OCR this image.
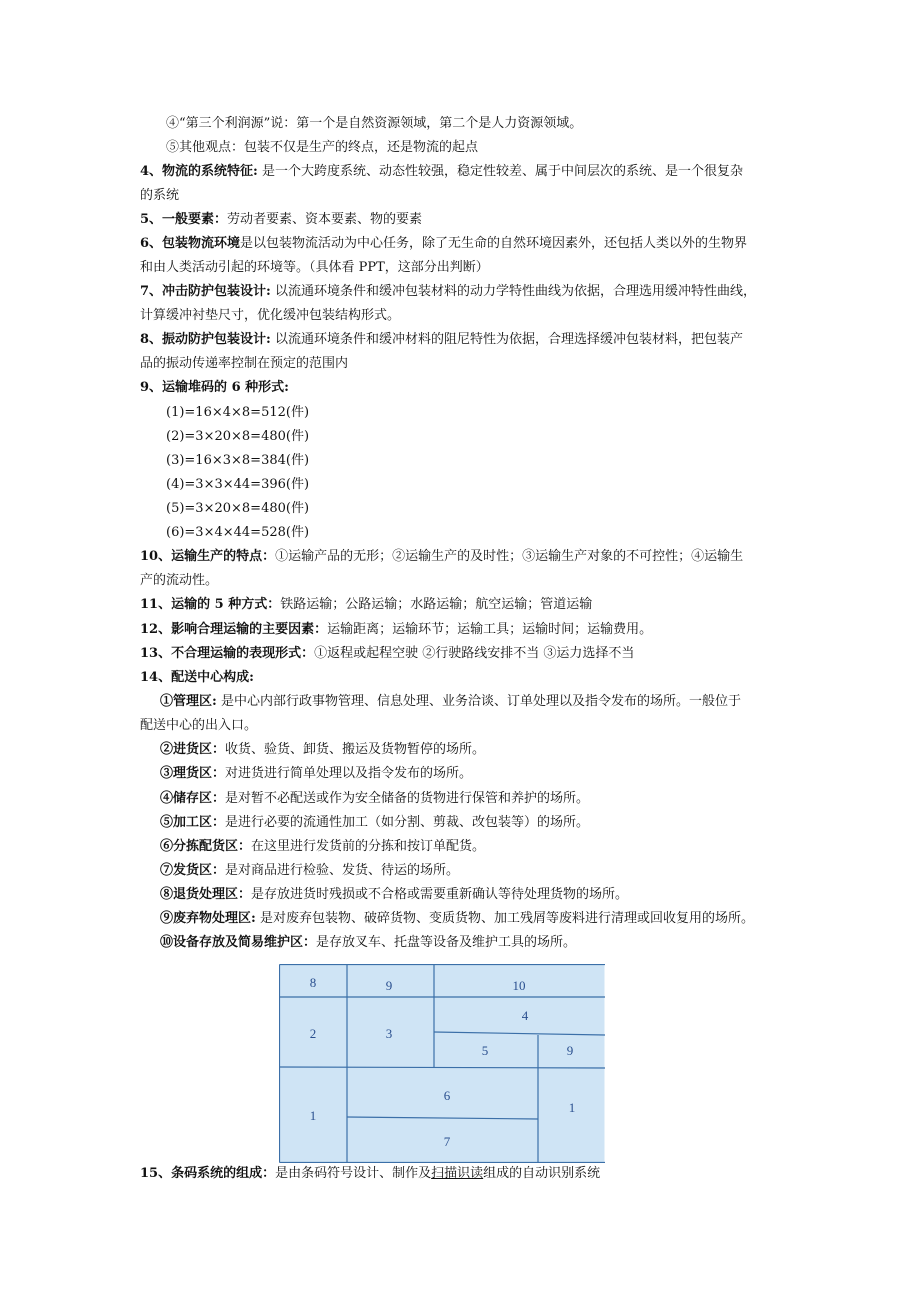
④“第三个利润源”说：第一个是自然资源领域，第二个是人力资源领域。
⑤其他观点：包装不仅是生产的终点，还是物流的起点
4、物流的系统特征: 是一个大跨度系统、动态性较强，稳定性较差、属于中间层次的系统、是一个很复杂
的系统
5、一般要素：劳动者要素、资本要素、物的要素
6、包装物流环境是以包装物流活动为中心任务，除了无生命的自然环境因素外，还包括人类以外的生物界
和由人类活动引起的环境等。（具体看 PPT，这部分出判断）
7、冲击防护包装设计: 以流通环境条件和缓冲包装材料的动力学特性曲线为依据，合理选用缓冲特性曲线，
计算缓冲衬垫尺寸，优化缓冲包装结构形式。
8、振动防护包装设计: 以流通环境条件和缓冲材料的阻尼特性为依据，合理选择缓冲包装材料，把包装产
品的振动传递率控制在预定的范围内
9、运输堆码的 6 种形式:
(1)=16×4×8=512(件)
(2)=3×20×8=480(件)
(3)=16×3×8=384(件)
(4)=3×3×44=396(件)
(5)=3×20×8=480(件)
(6)=3×4×44=528(件)
10、运输生产的特点：①运输产品的无形；②运输生产的及时性；③运输生产对象的不可控性；④运输生
产的流动性。
11、运输的 5 种方式：铁路运输；公路运输；水路运输；航空运输；管道运输
12、影响合理运输的主要因素：运输距离；运输环节；运输工具；运输时间；运输费用。
13、不合理运输的表现形式：①返程或起程空驶 ②行驶路线安排不当 ③运力选择不当
14、配送中心构成:
①管理区: 是中心内部行政事物管理、信息处理、业务洽谈、订单处理以及指令发布的场所。一般位于
配送中心的出入口。
②进货区：收货、验货、卸货、搬运及货物暂停的场所。
③理货区：对进货进行简单处理以及指令发布的场所。
④储存区：是对暂不必配送或作为安全储备的货物进行保管和养护的场所。
⑤加工区：是进行必要的流通性加工（如分割、剪裁、改包装等）的场所。
⑥分拣配货区：在这里进行发货前的分拣和按订单配货。
⑦发货区：是对商品进行检验、发货、待运的场所。
⑧退货处理区：是存放进货时残损或不合格或需要重新确认等待处理货物的场所。
⑨废弃物处理区: 是对废弃包装物、破碎货物、变质货物、加工残屑等废料进行清理或回收复用的场所。
⑩设备存放及简易维护区：是存放叉车、托盘等设备及维护工具的场所。
8	9	10
2	3
4
5	9
1
6
1
7
15、条码系统的组成：是由条码符号设计、制作及扫描识读组成的自动识别系统
